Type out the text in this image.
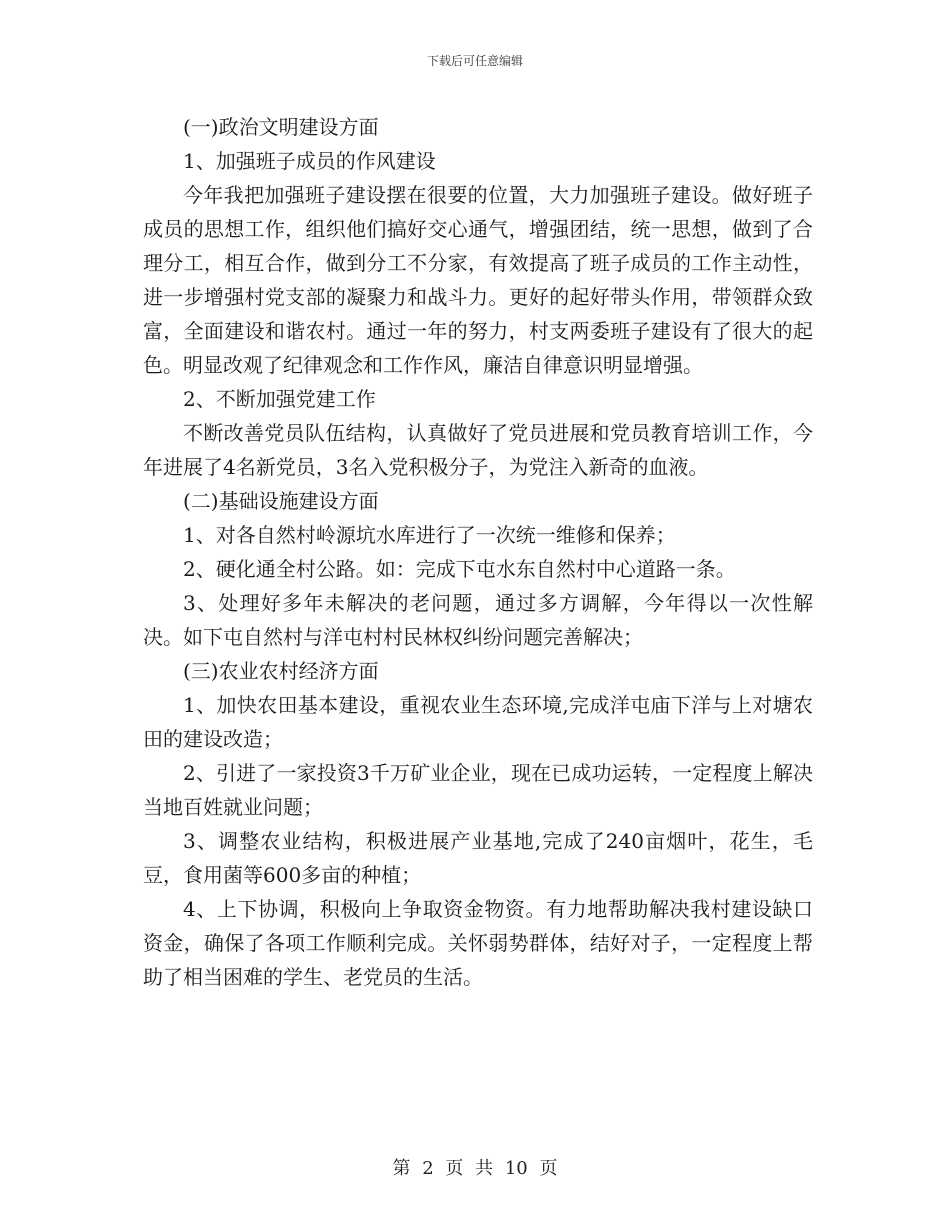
下载后可任意编辑

(一)政治文明建设方面

1、加强班子成员的作风建设

今年我把加强班子建设摆在很要的位置，大力加强班子建设。做好班子成员的思想工作，组织他们搞好交心通气，增强团结，统一思想，做到了合理分工，相互合作，做到分工不分家，有效提高了班子成员的工作主动性，进一步增强村党支部的凝聚力和战斗力。更好的起好带头作用，带领群众致富，全面建设和谐农村。通过一年的努力，村支两委班子建设有了很大的起色。明显改观了纪律观念和工作作风，廉洁自律意识明显增强。

2、不断加强党建工作

不断改善党员队伍结构，认真做好了党员进展和党员教育培训工作，今年进展了4名新党员，3名入党积极分子，为党注入新奇的血液。

(二)基础设施建设方面

1、对各自然村岭源坑水库进行了一次统一维修和保养；

2、硬化通全村公路。如：完成下屯水东自然村中心道路一条。

3、处理好多年未解决的老问题，通过多方调解，今年得以一次性解决。如下屯自然村与洋屯村村民林权纠纷问题完善解决；

(三)农业农村经济方面

1、加快农田基本建设，重视农业生态环境,完成洋屯庙下洋与上对塘农田的建设改造；

2、引进了一家投资3千万矿业企业，现在已成功运转，一定程度上解决当地百姓就业问题；

3、调整农业结构，积极进展产业基地,完成了240亩烟叶，花生，毛豆，食用菌等600多亩的种植；

4、上下协调，积极向上争取资金物资。有力地帮助解决我村建设缺口资金，确保了各项工作顺利完成。关怀弱势群体，结好对子，一定程度上帮助了相当困难的学生、老党员的生活。

第 2 页 共 10 页
